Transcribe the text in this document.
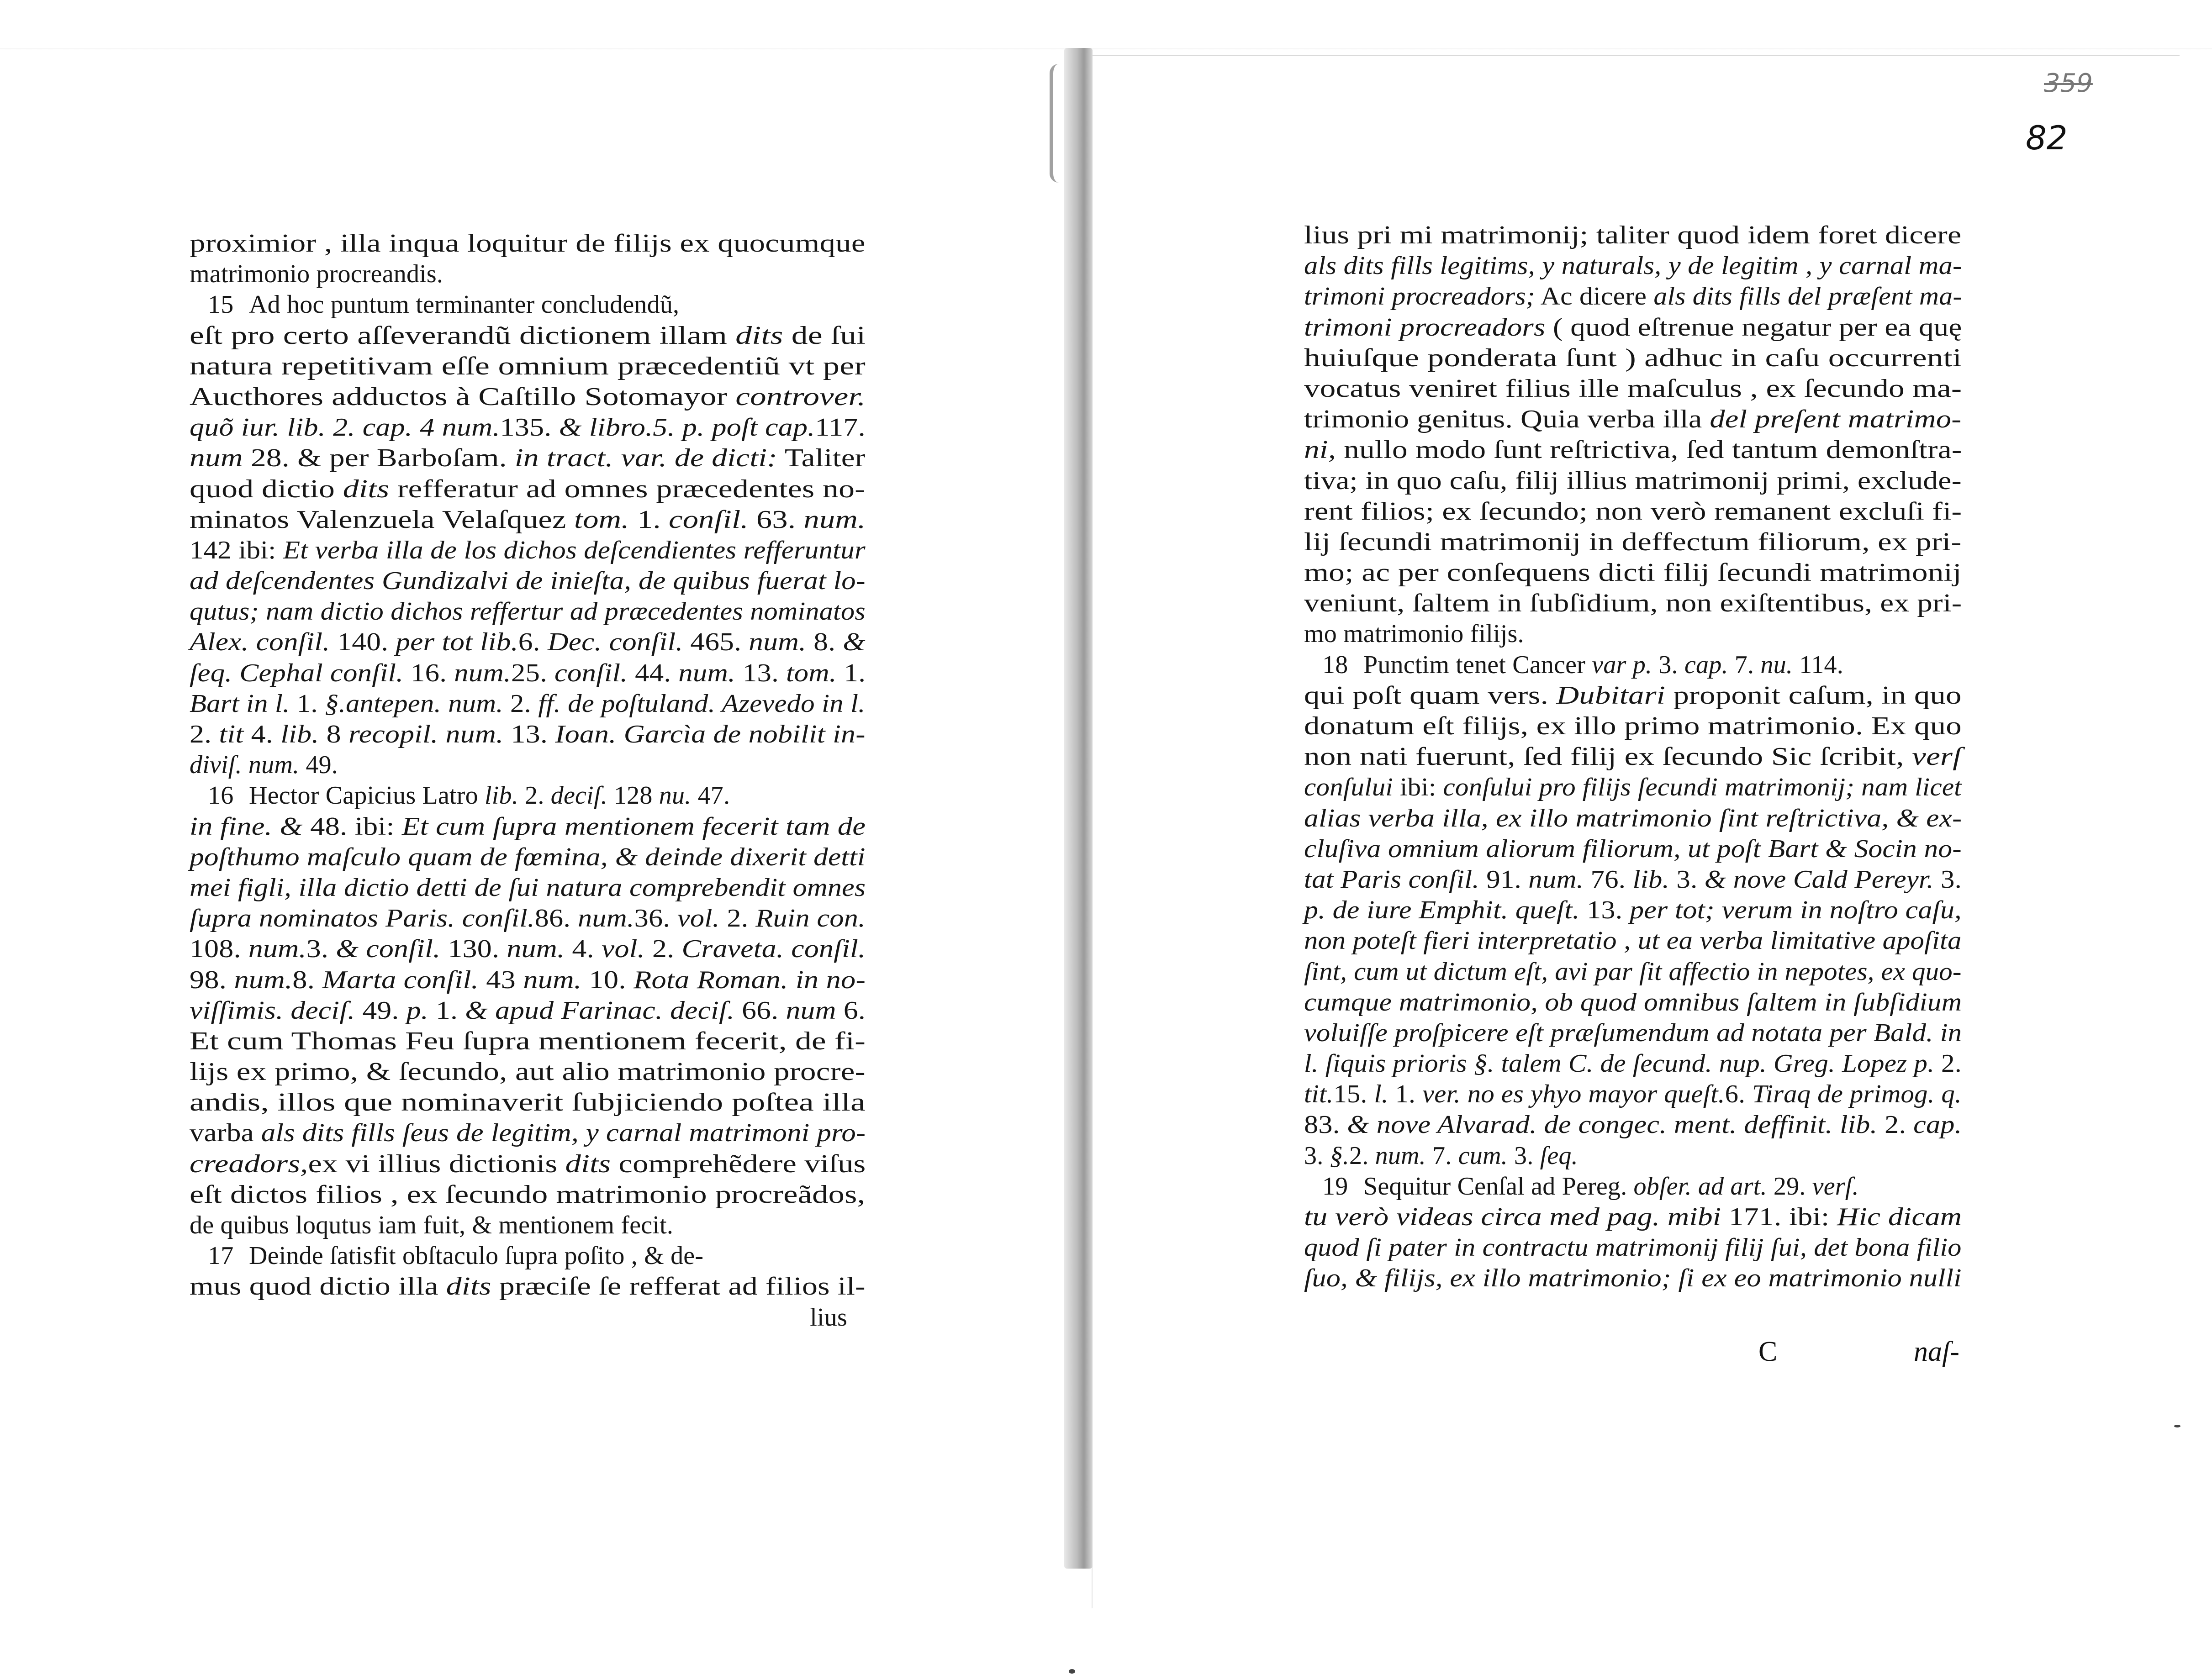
359
82
proximior , illa inqua loquitur de filijs ex quocumque
matrimonio procreandis.
15 Ad hoc puntum terminanter concludendũ,
eſt pro certo aſſeverandũ dictionem illam dits de ſui
natura repetitivam eſſe omnium præcedentiũ vt per
Aucthores adductos à Caſtillo Sotomayor controver.
quõ iur. lib. 2. cap. 4 num.135. & libro.5. p. poſt cap.117.
num 28. & per Barboſam. in tract. var. de dicti: Taliter
quod dictio dits refferatur ad omnes præcedentes no-
minatos Valenzuela Velaſquez tom. 1. conſil. 63. num.
142 ibi: Et verba illa de los dichos deſcendientes refferuntur
ad deſcendentes Gundizalvi de inieſta, de quibus fuerat lo-
qutus; nam dictio dichos reffertur ad præcedentes nominatos
Alex. conſil. 140. per tot lib.6. Dec. conſil. 465. num. 8. &
ſeq. Cephal conſil. 16. num.25. conſil. 44. num. 13. tom. 1.
Bart in l. 1. §.antepen. num. 2. ff. de poſtuland. Azevedo in l.
2. tit 4. lib. 8 recopil. num. 13. Ioan. Garcìa de nobilit in-
diviſ. num. 49.
16 Hector Capicius Latro lib. 2. deciſ. 128 nu. 47.
in fine. & 48. ibi: Et cum ſupra mentionem fecerit tam de
poſthumo maſculo quam de fœmina, & deinde dixerit detti
mei figli, illa dictio detti de ſui natura comprebendit omnes
ſupra nominatos Paris. conſil.86. num.36. vol. 2. Ruin con.
108. num.3. & conſil. 130. num. 4. vol. 2. Craveta. conſil.
98. num.8. Marta conſil. 43 num. 10. Rota Roman. in no-
viſſimis. deciſ. 49. p. 1. & apud Farinac. deciſ. 66. num 6.
Et cum Thomas Feu ſupra mentionem fecerit, de fi-
lijs ex primo, & ſecundo, aut alio matrimonio procre-
andis, illos que nominaverit ſubjiciendo poſtea illa
varba als dits fills ſeus de legitim, y carnal matrimoni pro-
creadors,ex vi illius dictionis dits comprehẽdere viſus
eſt dictos filios , ex ſecundo matrimonio procreãdos,
de quibus loqutus iam fuit, & mentionem fecit.
17 Deinde ſatisfit obſtaculo ſupra poſito , & de-
mus quod dictio illa dits præciſe ſe refferat ad filios il-
lius
lius pri mi matrimonij; taliter quod idem foret dicere
als dits fills legitims, y naturals, y de legitim , y carnal ma-
trimoni procreadors; Ac dicere als dits fills del præſent ma-
trimoni procreadors ( quod eſtrenue negatur per ea quę
huiuſque ponderata ſunt ) adhuc in caſu occurrenti
vocatus veniret filius ille maſculus , ex ſecundo ma-
trimonio genitus. Quia verba illa del preſent matrimo-
ni, nullo modo ſunt reſtrictiva, ſed tantum demonſtra-
tiva; in quo caſu, filij illius matrimonij primi, exclude-
rent filios; ex ſecundo; non verò remanent excluſi fi-
lij ſecundi matrimonij in deffectum filiorum, ex pri-
mo; ac per conſequens dicti filij ſecundi matrimonij
veniunt, ſaltem in ſubſidium, non exiſtentibus, ex pri-
mo matrimonio filijs.
18 Punctim tenet Cancer var p. 3. cap. 7. nu. 114.
qui poſt quam vers. Dubitari proponit caſum, in quo
donatum eſt filijs, ex illo primo matrimonio. Ex quo
non nati fuerunt, ſed filij ex ſecundo Sic ſcribit, verſ
conſului ibi: conſului pro filijs ſecundi matrimonij; nam licet
alias verba illa, ex illo matrimonio ſint reſtrictiva, & ex-
cluſiva omnium aliorum filiorum, ut poſt Bart & Socin no-
tat Paris conſil. 91. num. 76. lib. 3. & nove Cald Pereyr. 3.
p. de iure Emphit. queſt. 13. per tot; verum in noſtro caſu,
non poteſt fieri interpretatio , ut ea verba limitative apoſita
ſint, cum ut dictum eſt, avi par ſit affectio in nepotes, ex quo-
cumque matrimonio, ob quod omnibus ſaltem in ſubſidium
voluiſſe proſpicere eſt præſumendum ad notata per Bald. in
l. ſiquis prioris §. talem C. de ſecund. nup. Greg. Lopez p. 2.
tit.15. l. 1. ver. no es yhyo mayor queſt.6. Tiraq de primog. q.
83. & nove Alvarad. de congec. ment. deffinit. lib. 2. cap.
3. §.2. num. 7. cum. 3. ſeq.
19 Sequitur Cenſal ad Pereg. obſer. ad art. 29. verſ.
tu verò videas circa med pag. mibi 171. ibi: Hic dicam
quod ſi pater in contractu matrimonij filij ſui, det bona filio
ſuo, & filijs, ex illo matrimonio; ſi ex eo matrimonio nulli
C	naſ-
